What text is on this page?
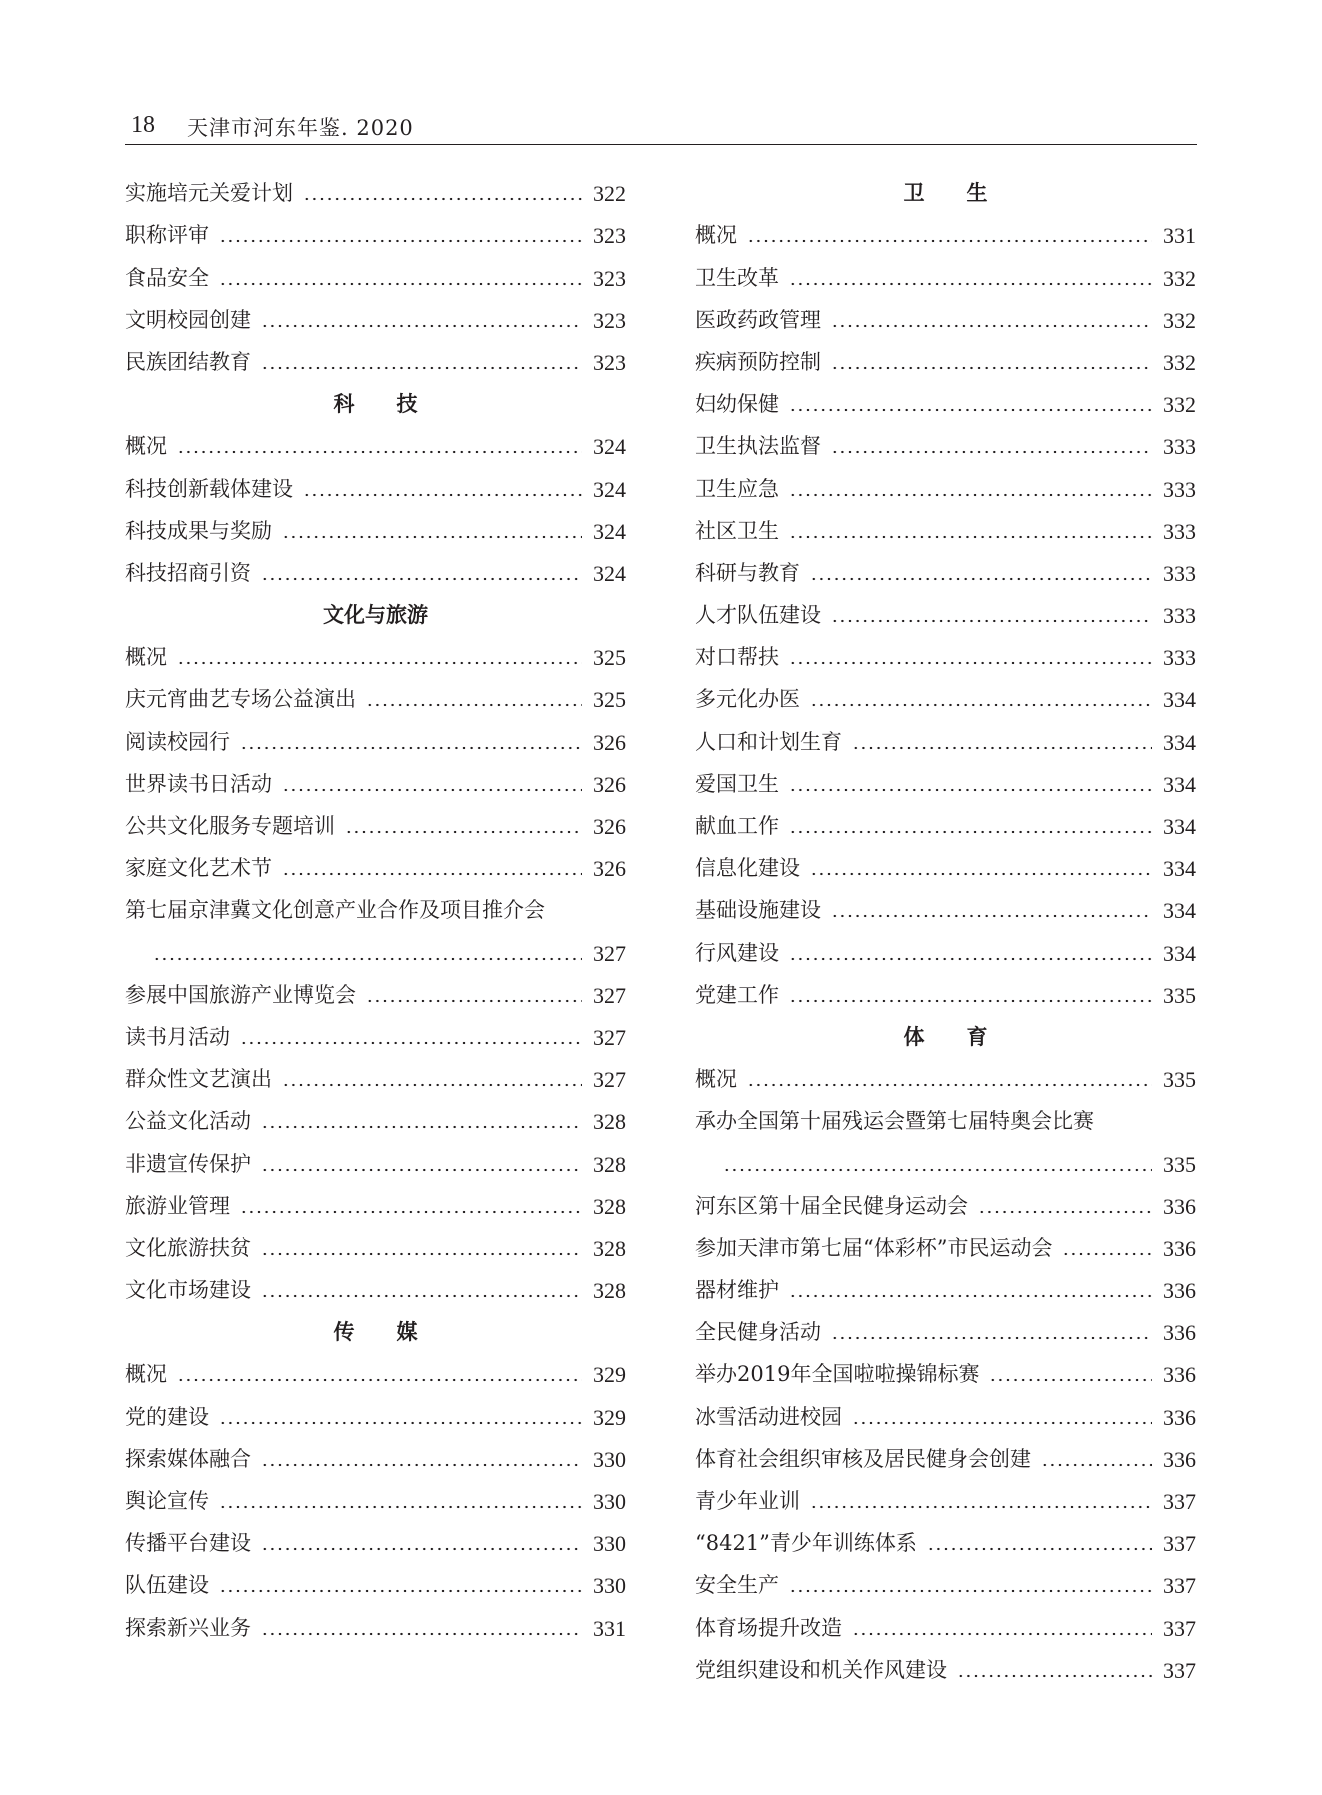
18 天津市河东年鉴. 2020
实施培元关爱计划	322
职称评审	323
食品安全	323
文明校园创建	323
民族团结教育	323
科　　技
概况	324
科技创新载体建设	324
科技成果与奖励	324
科技招商引资	324
文化与旅游
概况	325
庆元宵曲艺专场公益演出	325
阅读校园行	326
世界读书日活动	326
公共文化服务专题培训	326
家庭文化艺术节	326
第七届京津冀文化创意产业合作及项目推介会
327
参展中国旅游产业博览会	327
读书月活动	327
群众性文艺演出	327
公益文化活动	328
非遗宣传保护	328
旅游业管理	328
文化旅游扶贫	328
文化市场建设	328
传　　媒
概况	329
党的建设	329
探索媒体融合	330
舆论宣传	330
传播平台建设	330
队伍建设	330
探索新兴业务	331
卫　　生
概况	331
卫生改革	332
医政药政管理	332
疾病预防控制	332
妇幼保健	332
卫生执法监督	333
卫生应急	333
社区卫生	333
科研与教育	333
人才队伍建设	333
对口帮扶	333
多元化办医	334
人口和计划生育	334
爱国卫生	334
献血工作	334
信息化建设	334
基础设施建设	334
行风建设	334
党建工作	335
体　　育
概况	335
承办全国第十届残运会暨第七届特奥会比赛
335
河东区第十届全民健身运动会	336
参加天津市第七届“体彩杯”市民运动会	336
器材维护	336
全民健身活动	336
举办2019年全国啦啦操锦标赛	336
冰雪活动进校园	336
体育社会组织审核及居民健身会创建	336
青少年业训	337
“8421”青少年训练体系	337
安全生产	337
体育场提升改造	337
党组织建设和机关作风建设	337
